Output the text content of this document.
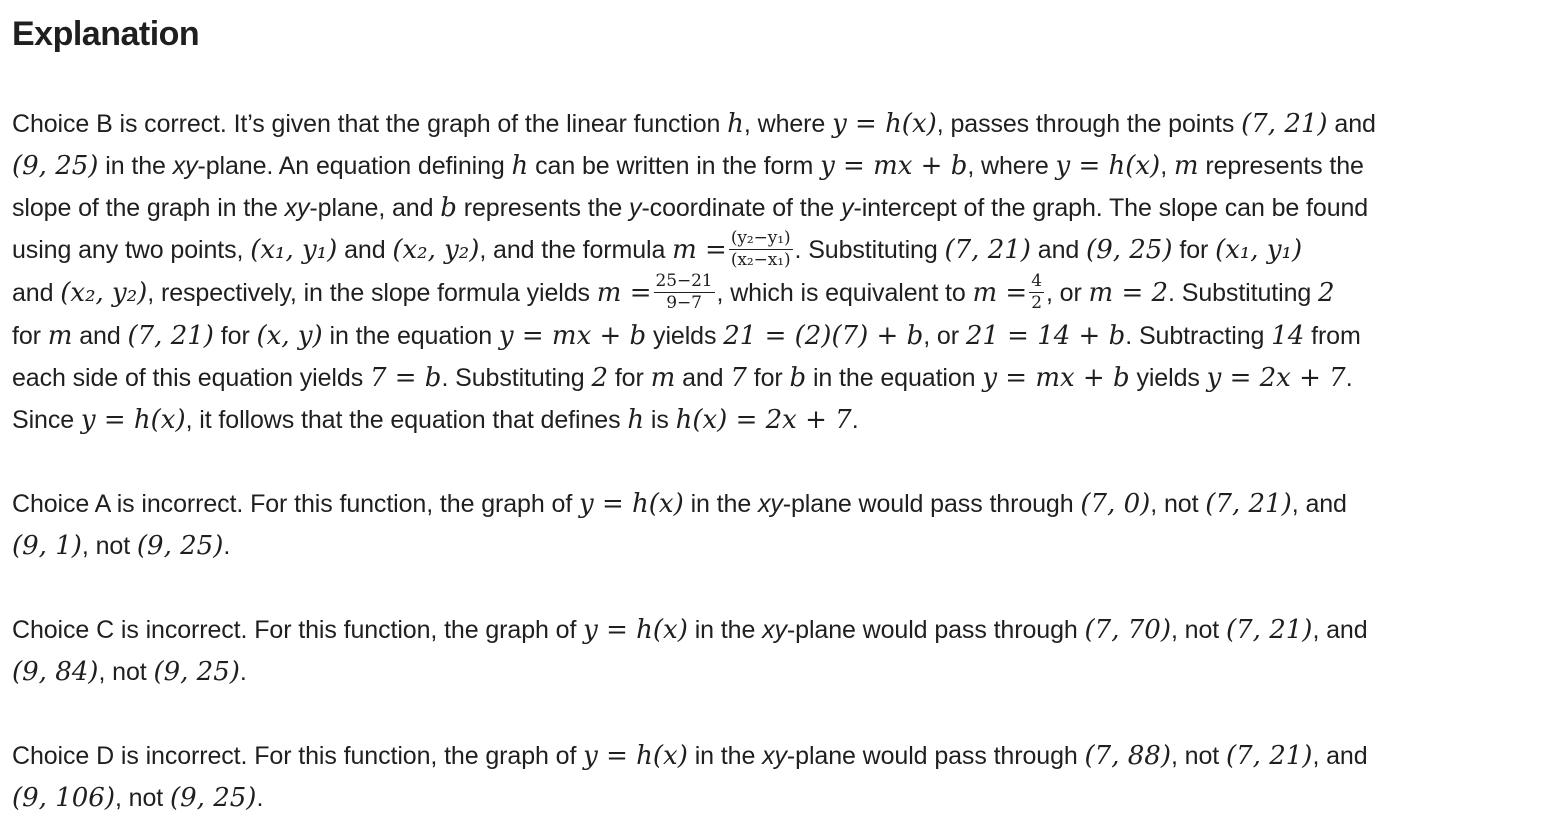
Explanation

Choice B is correct. It’s given that the graph of the linear function h, where y = h(x), passes through the points (7, 21) and
(9, 25) in the xy-plane. An equation defining h can be written in the form y = mx + b, where y = h(x), m represents the
slope of the graph in the xy-plane, and b represents the y-coordinate of the y-intercept of the graph. The slope can be found
using any two points, (x₁, y₁) and (x₂, y₂), and the formula $m = \frac{\text{(y₂−y₁)}}{\text{(x₂−x₁)}}$ . Substituting (7, 21) and (9, 25) for (x₁, y₁)
and (x₂, y₂), respectively, in the slope formula yields $m = \frac{25-21}{9-7}$ , which is equivalent to $m = \frac{4}{2}$ , or m = 2. Substituting 2
for m and (7, 21) for (x, y) in the equation y = mx + b yields 21 = (2)(7) + b, or 21 = 14 + b. Subtracting 14 from
each side of this equation yields 7 = b. Substituting 2 for m and 7 for b in the equation y = mx + b yields y = 2x + 7.
Since y = h(x), it follows that the equation that defines h is h(x) = 2x + 7.

Choice A is incorrect. For this function, the graph of y = h(x) in the xy-plane would pass through (7, 0), not (7, 21), and
(9, 1), not (9, 25).

Choice C is incorrect. For this function, the graph of y = h(x) in the xy-plane would pass through (7, 70), not (7, 21), and
(9, 84), not (9, 25).

Choice D is incorrect. For this function, the graph of y = h(x) in the xy-plane would pass through (7, 88), not (7, 21), and
(9, 106), not (9, 25).
